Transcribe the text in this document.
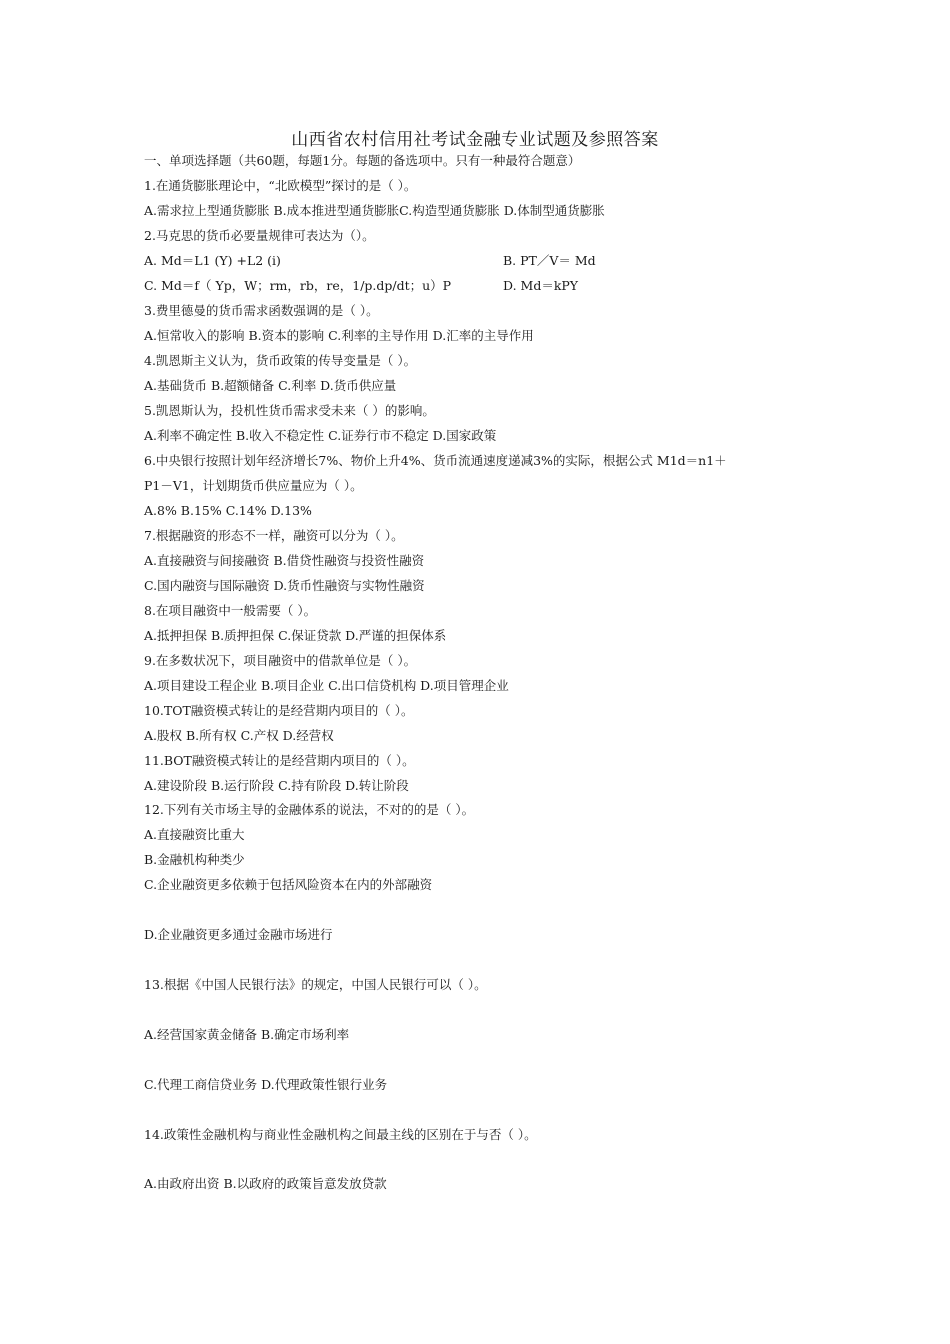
山西省农村信用社考试金融专业试题及参照答案
一、单项选择题（共60题，每题1分。每题的备选项中。只有一种最符合题意）
1.在通货膨胀理论中，“北欧模型”探讨的是（ ）。
A.需求拉上型通货膨胀 B.成本推进型通货膨胀C.构造型通货膨胀 D.体制型通货膨胀
2.马克思的货币必要量规律可表达为（）。
A. Md＝L1 (Y) +L2 (i)	B. PT／V＝ Md
C. Md＝f（ Yp，W；rm，rb，re，1/p.dp/dt；u）P	D. Md＝kPY
3.费里德曼的货币需求函数强调的是（ ）。
A.恒常收入的影响 B.资本的影响 C.利率的主导作用 D.汇率的主导作用
4.凯恩斯主义认为，货币政策的传导变量是（ ）。
A.基础货币 B.超额储备 C.利率 D.货币供应量
5.凯恩斯认为，投机性货币需求受未来（ ）的影响。
A.利率不确定性 B.收入不稳定性 C.证券行市不稳定 D.国家政策
6.中央银行按照计划年经济增长7%、物价上升4%、货币流通速度递减3%的实际，根据公式 M1d＝n1＋
P1－V1，计划期货币供应量应为（ ）。
A.8% B.15% C.14% D.13%
7.根据融资的形态不一样，融资可以分为（ ）。
A.直接融资与间接融资 B.借贷性融资与投资性融资
C.国内融资与国际融资 D.货币性融资与实物性融资
8.在项目融资中一般需要（ ）。
A.抵押担保 B.质押担保 C.保证贷款 D.严谨的担保体系
9.在多数状况下，项目融资中的借款单位是（ ）。
A.项目建设工程企业 B.项目企业 C.出口信贷机构 D.项目管理企业
10.TOT融资模式转让的是经营期内项目的（ ）。
A.股权 B.所有权 C.产权 D.经营权
11.BOT融资模式转让的是经营期内项目的（ ）。
A.建设阶段 B.运行阶段 C.持有阶段 D.转让阶段
12.下列有关市场主导的金融体系的说法，不对的的是（ ）。
A.直接融资比重大
B.金融机构种类少
C.企业融资更多依赖于包括风险资本在内的外部融资
D.企业融资更多通过金融市场进行
13.根据《中国人民银行法》的规定，中国人民银行可以（ ）。
A.经营国家黄金储备 B.确定市场利率
C.代理工商信贷业务 D.代理政策性银行业务
14.政策性金融机构与商业性金融机构之间最主线的区别在于与否（ ）。
A.由政府出资 B.以政府的政策旨意发放贷款
